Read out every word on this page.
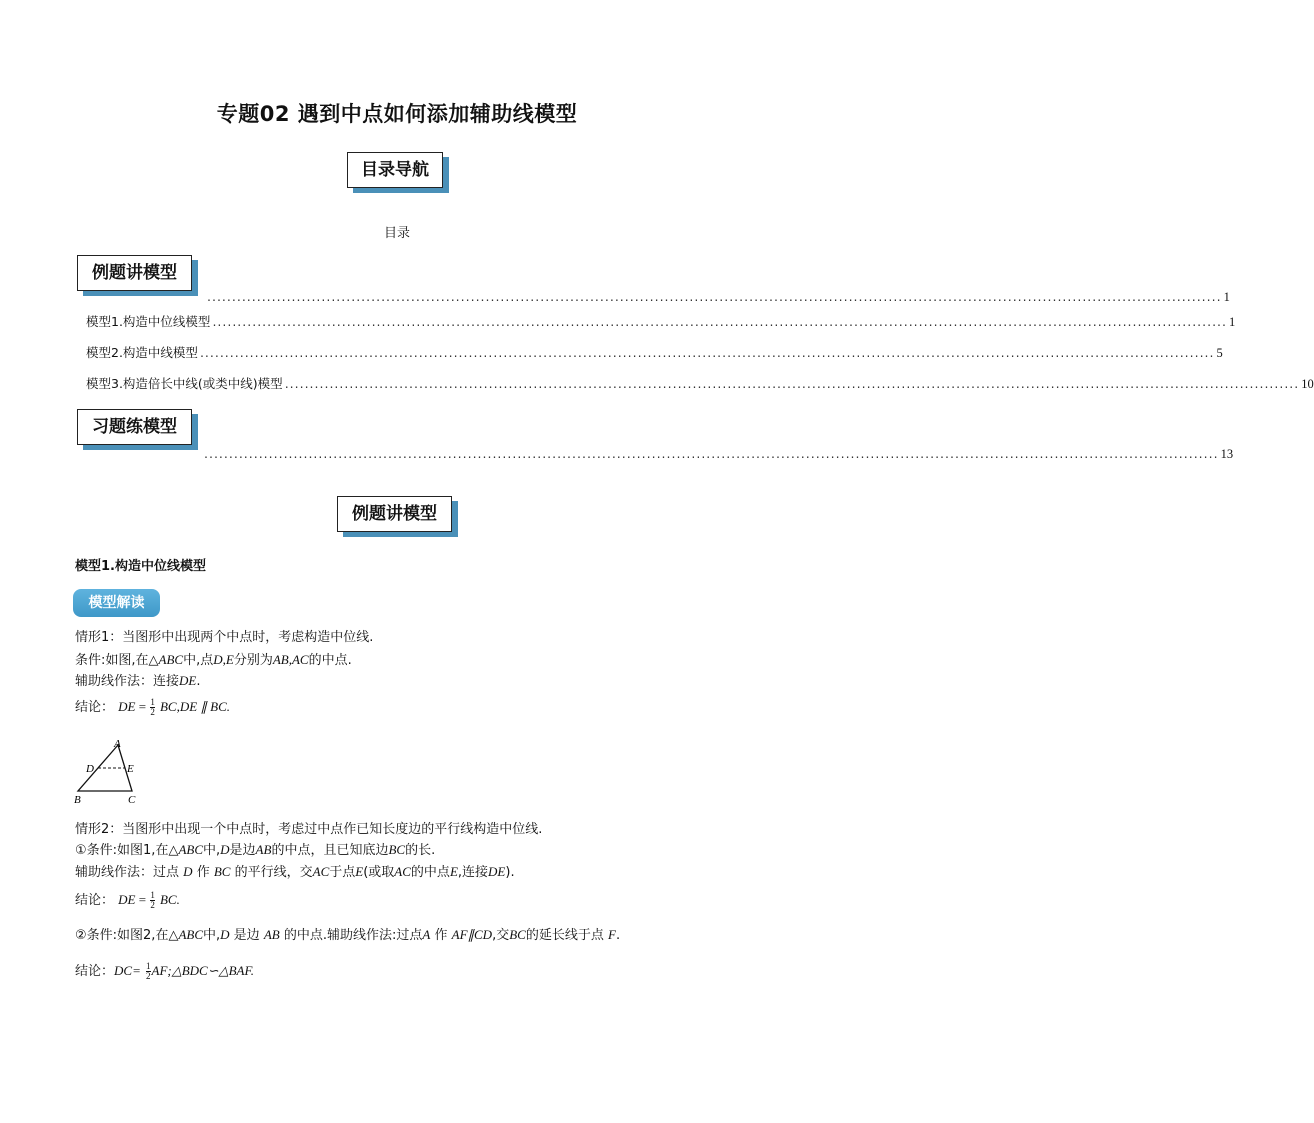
专题02 遇到中点如何添加辅助线模型
目录导航
目录
例题讲模型
............................................................................................................................................................................................................ 1
模型1.构造中位线模型 ............................................................................................................................................................................................................ 1
模型2.构造中线模型 ............................................................................................................................................................................................................ 5
模型3.构造倍长中线(或类中线)模型 ............................................................................................................................................................................................................ 10
习题练模型
............................................................................................................................................................................................................ 13
例题讲模型
模型1.构造中位线模型
模型解读
情形1：当图形中出现两个中点时，考虑构造中位线.
条件:如图,在△ABC中,点D,E分别为AB,AC的中点.
辅助线作法：连接DE.
结论： DE = $\frac{1}{2} BC,DE$ ∥ BC.
A
D	E
B	C
情形2：当图形中出现一个中点时，考虑过中点作已知长度边的平行线构造中位线.
①条件:如图1,在△ABC中,D是边AB的中点，且已知底边BC的长.
辅助线作法：过点 D 作 BC 的平行线，交AC于点E(或取AC的中点E,连接DE).
结论： DE = $\frac{1}{2}$ BC.
②条件:如图2,在△ABC中,D 是边 AB 的中点.辅助线作法:过点A 作 AF∥CD,交BC的延长线于点 F.
结论：$DC= \frac{1}{2}$ AF;△BDC∽△BAF.
